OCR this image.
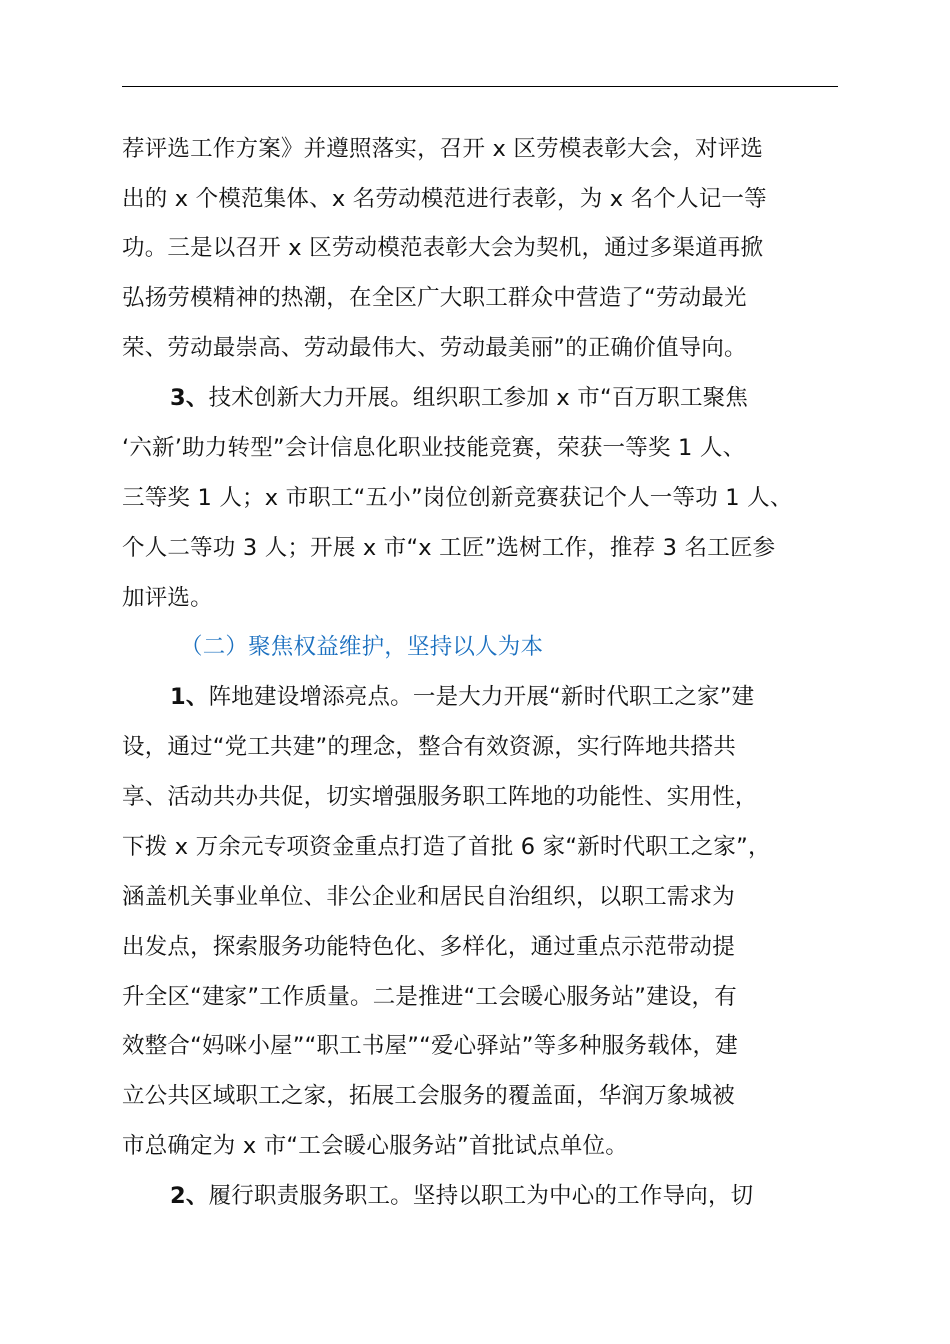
荐评选工作方案》并遵照落实，召开 x 区劳模表彰大会，对评选
出的 x 个模范集体、x 名劳动模范进行表彰，为 x 名个人记一等
功。三是以召开 x 区劳动模范表彰大会为契机，通过多渠道再掀
弘扬劳模精神的热潮，在全区广大职工群众中营造了“劳动最光
荣、劳动最崇高、劳动最伟大、劳动最美丽”的正确价值导向。
3、技术创新大力开展。组织职工参加 x 市“百万职工聚焦
‘六新’助力转型”会计信息化职业技能竞赛，荣获一等奖 1 人、
三等奖 1 人；x 市职工“五小”岗位创新竞赛获记个人一等功 1 人、
个人二等功 3 人；开展 x 市“x 工匠”选树工作，推荐 3 名工匠参
加评选。
（二）聚焦权益维护，坚持以人为本
1、阵地建设增添亮点。一是大力开展“新时代职工之家”建
设，通过“党工共建”的理念，整合有效资源，实行阵地共搭共
享、活动共办共促，切实增强服务职工阵地的功能性、实用性，
下拨 x 万余元专项资金重点打造了首批 6 家“新时代职工之家”，
涵盖机关事业单位、非公企业和居民自治组织，以职工需求为
出发点，探索服务功能特色化、多样化，通过重点示范带动提
升全区“建家”工作质量。二是推进“工会暖心服务站”建设，有
效整合“妈咪小屋”“职工书屋”“爱心驿站”等多种服务载体，建
立公共区域职工之家，拓展工会服务的覆盖面，华润万象城被
市总确定为 x 市“工会暖心服务站”首批试点单位。
2、履行职责服务职工。坚持以职工为中心的工作导向，切
